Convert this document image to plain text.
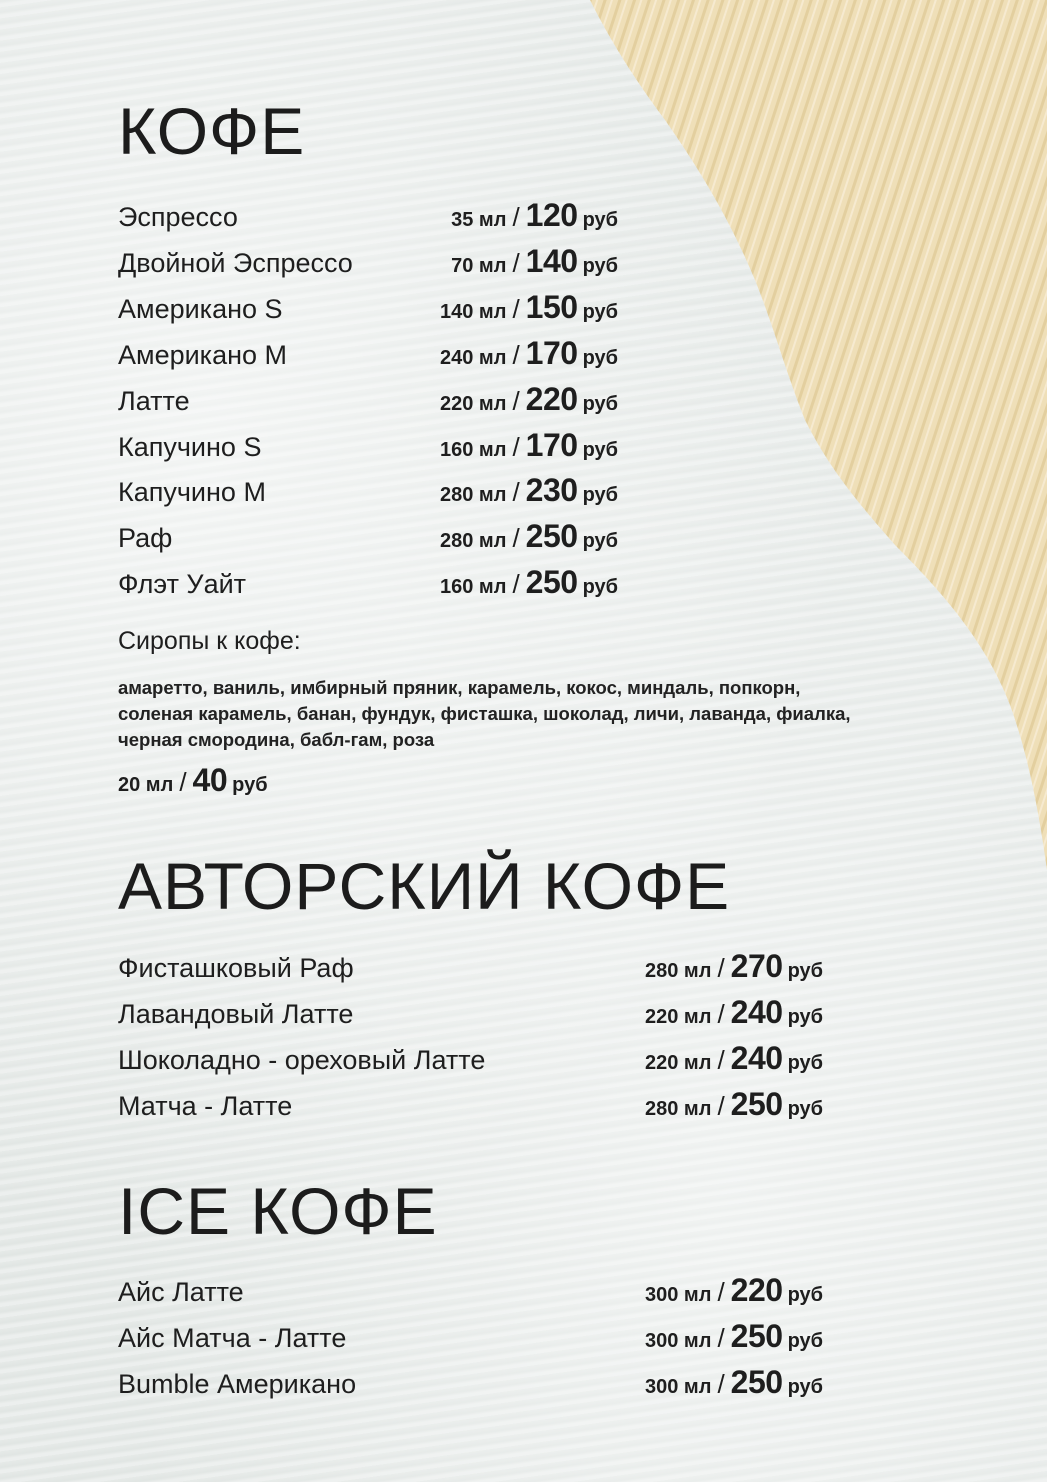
КОФЕ
Эспрессо	35 мл / 120 руб
Двойной Эспрессо	70 мл / 140 руб
Американо S	140 мл / 150 руб
Американо M	240 мл / 170 руб
Латте	220 мл / 220 руб
Капучино S	160 мл / 170 руб
Капучино M	280 мл / 230 руб
Раф	280 мл / 250 руб
Флэт Уайт	160 мл / 250 руб

Сиропы к кофе:

амаретто, ваниль, имбирный пряник, карамель, кокос, миндаль, попкорн, соленая карамель, банан, фундук, фисташка, шоколад, личи, лаванда, фиалка, черная смородина, бабл-гам, роза

20 мл / 40 руб
АВТОРСКИЙ КОФЕ
Фисташковый Раф	280 мл / 270 руб
Лавандовый Латте	220 мл / 240 руб
Шоколадно - ореховый Латте	220 мл / 240 руб
Матча - Латте	280 мл / 250 руб
ICE КОФЕ
Айс Латте	300 мл / 220 руб
Айс Матча - Латте	300 мл / 250 руб
Bumble Американо	300 мл / 250 руб
